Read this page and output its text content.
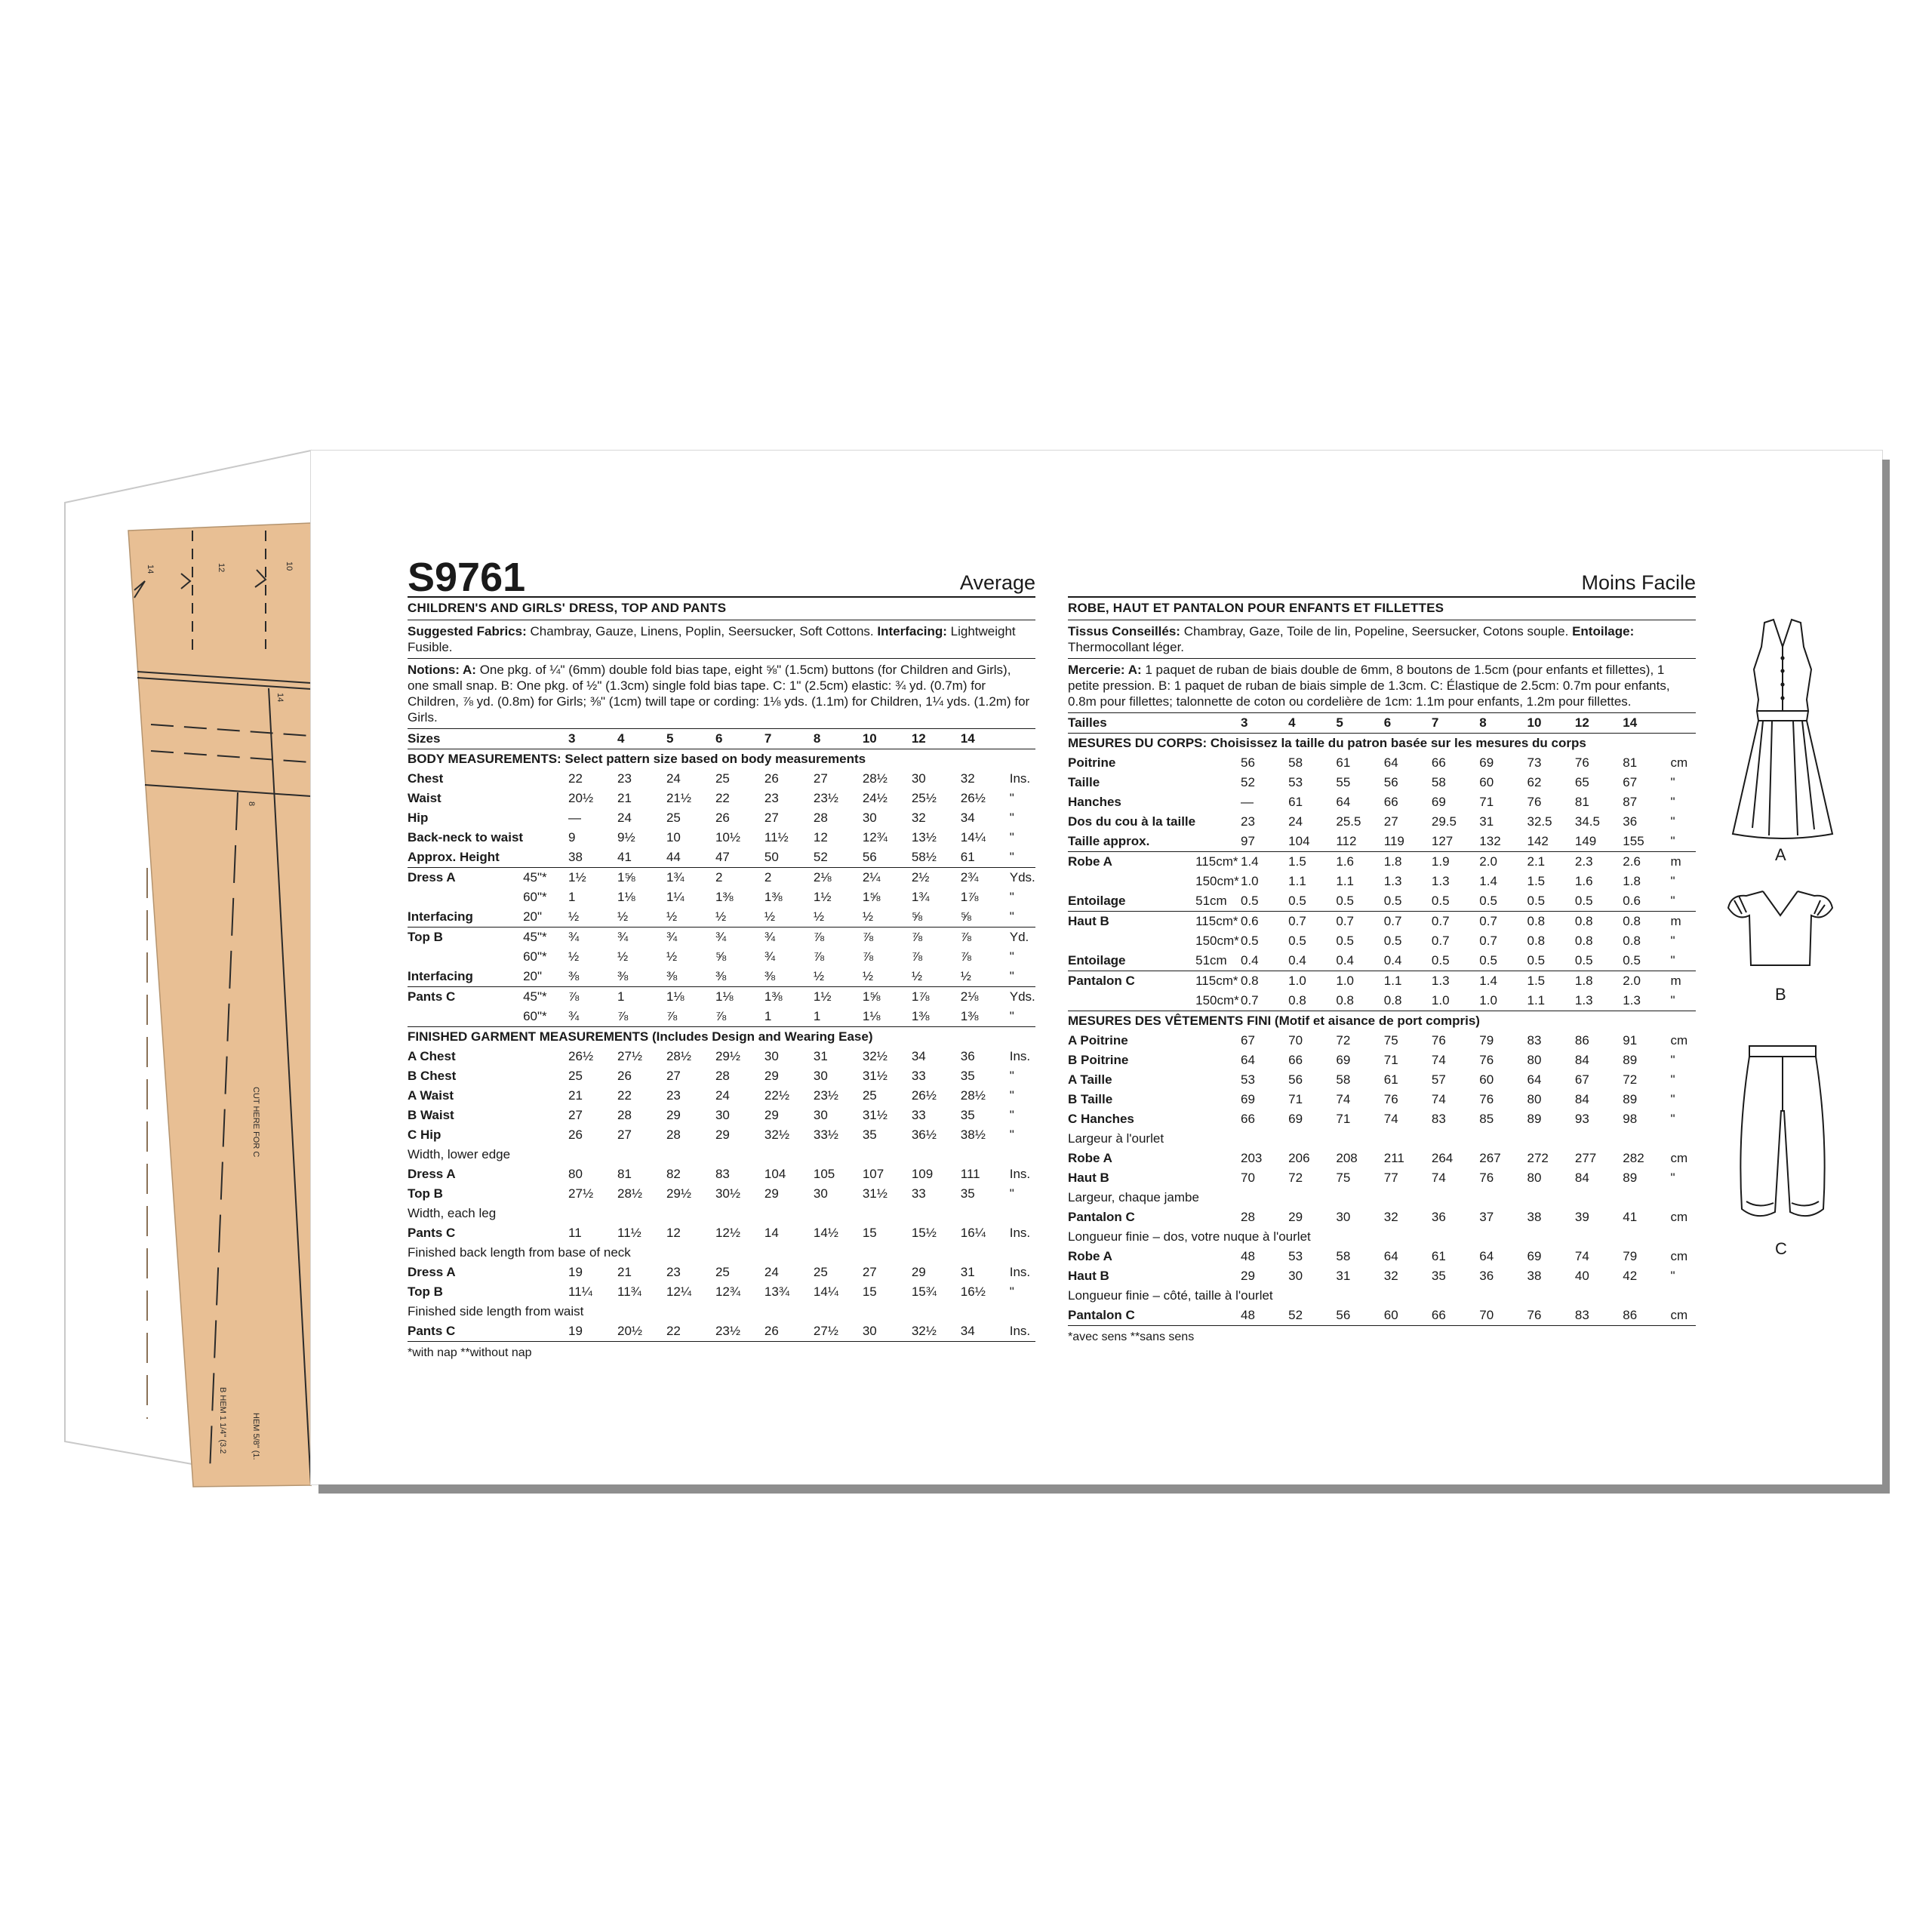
14	12	10
14
8
CUT HERE FOR C
B HEM 1 1/4" (3.2	HEM 5/8" (1.
S9761	Average
CHILDREN'S AND GIRLS' DRESS, TOP AND PANTS
Suggested Fabrics: Chambray, Gauze, Linens, Poplin, Seersucker, Soft Cottons. Interfacing: Lightweight Fusible.
Notions: A: One pkg. of ¼" (6mm) double fold bias tape, eight ⅝" (1.5cm) buttons (for Children and Girls), one small snap. B: One pkg. of ½" (1.3cm) single fold bias tape. C: 1" (2.5cm) elastic: ¾ yd. (0.7m) for Children, ⅞ yd. (0.8m) for Girls; ⅜" (1cm) twill tape or cording: 1⅛ yds. (1.1m) for Children, 1¼ yds. (1.2m) for Girls.
Sizes		3	4	5	6	7	8	10	12	14	
BODY MEASUREMENTS: Select pattern size based on body measurements											
Chest		22	23	24	25	26	27	28½	30	32	Ins.
Waist		20½	21	21½	22	23	23½	24½	25½	26½	"
Hip		—	24	25	26	27	28	30	32	34	"
Back-neck to waist		9	9½	10	10½	11½	12	12¾	13½	14¼	"
Approx. Height		38	41	44	47	50	52	56	58½	61	"
Dress A	45"*	1½	1⅝	1¾	2	2	2⅛	2¼	2½	2¾	Yds.
	60"*	1	1⅛	1¼	1⅜	1⅜	1½	1⅝	1¾	1⅞	"
Interfacing	20"	½	½	½	½	½	½	½	⅝	⅝	"
Top B	45"*	¾	¾	¾	¾	¾	⅞	⅞	⅞	⅞	Yd.
	60"*	½	½	½	⅝	¾	⅞	⅞	⅞	⅞	"
Interfacing	20"	⅜	⅜	⅜	⅜	⅜	½	½	½	½	"
Pants C	45"*	⅞	1	1⅛	1⅛	1⅜	1½	1⅝	1⅞	2⅛	Yds.
	60"*	¾	⅞	⅞	⅞	1	1	1⅛	1⅜	1⅜	"
FINISHED GARMENT MEASUREMENTS (Includes Design and Wearing Ease)											
A Chest		26½	27½	28½	29½	30	31	32½	34	36	Ins.
B Chest		25	26	27	28	29	30	31½	33	35	"
A Waist		21	22	23	24	22½	23½	25	26½	28½	"
B Waist		27	28	29	30	29	30	31½	33	35	"
C Hip		26	27	28	29	32½	33½	35	36½	38½	"
Width, lower edge											
Dress A		80	81	82	83	104	105	107	109	111	Ins.
Top B		27½	28½	29½	30½	29	30	31½	33	35	"
Width, each leg											
Pants C		11	11½	12	12½	14	14½	15	15½	16¼	Ins.
Finished back length from base of neck											
Dress A		19	21	23	25	24	25	27	29	31	Ins.
Top B		11¼	11¾	12¼	12¾	13¾	14¼	15	15¾	16½	"
Finished side length from waist											
Pants C		19	20½	22	23½	26	27½	30	32½	34	Ins.
*with nap **without nap
Moins Facile
ROBE, HAUT ET PANTALON POUR ENFANTS ET FILLETTES
Tissus Conseillés: Chambray, Gaze, Toile de lin, Popeline, Seersucker, Cotons souple. Entoilage: Thermocollant léger.
Mercerie: A: 1 paquet de ruban de biais double de 6mm, 8 boutons de 1.5cm (pour enfants et fillettes), 1 petite pression. B: 1 paquet de ruban de biais simple de 1.3cm. C: Élastique de 2.5cm: 0.7m pour enfants, 0.8m pour fillettes; talonnette de coton ou cordelière de 1cm: 1.1m pour enfants, 1.2m pour fillettes.
Tailles		3	4	5	6	7	8	10	12	14	
MESURES DU CORPS: Choisissez la taille du patron basée sur les mesures du corps											
Poitrine		56	58	61	64	66	69	73	76	81	cm
Taille		52	53	55	56	58	60	62	65	67	"
Hanches		—	61	64	66	69	71	76	81	87	"
Dos du cou à la taille		23	24	25.5	27	29.5	31	32.5	34.5	36	"
Taille approx.		97	104	112	119	127	132	142	149	155	"
Robe A	115cm*	1.4	1.5	1.6	1.8	1.9	2.0	2.1	2.3	2.6	m
	150cm*	1.0	1.1	1.1	1.3	1.3	1.4	1.5	1.6	1.8	"
Entoilage	51cm	0.5	0.5	0.5	0.5	0.5	0.5	0.5	0.5	0.6	"
Haut B	115cm*	0.6	0.7	0.7	0.7	0.7	0.7	0.8	0.8	0.8	m
	150cm*	0.5	0.5	0.5	0.5	0.7	0.7	0.8	0.8	0.8	"
Entoilage	51cm	0.4	0.4	0.4	0.4	0.5	0.5	0.5	0.5	0.5	"
Pantalon C	115cm*	0.8	1.0	1.0	1.1	1.3	1.4	1.5	1.8	2.0	m
	150cm*	0.7	0.8	0.8	0.8	1.0	1.0	1.1	1.3	1.3	"
MESURES DES VÊTEMENTS FINI (Motif et aisance de port compris)											
A Poitrine		67	70	72	75	76	79	83	86	91	cm
B Poitrine		64	66	69	71	74	76	80	84	89	"
A Taille		53	56	58	61	57	60	64	67	72	"
B Taille		69	71	74	76	74	76	80	84	89	"
C Hanches		66	69	71	74	83	85	89	93	98	"
Largeur à l'ourlet											
Robe A		203	206	208	211	264	267	272	277	282	cm
Haut B		70	72	75	77	74	76	80	84	89	"
Largeur, chaque jambe											
Pantalon C		28	29	30	32	36	37	38	39	41	cm
Longueur finie – dos, votre nuque à l'ourlet											
Robe A		48	53	58	64	61	64	69	74	79	cm
Haut B		29	30	31	32	35	36	38	40	42	"
Longueur finie – côté, taille à l'ourlet											
Pantalon C		48	52	56	60	66	70	76	83	86	cm
*avec sens **sans sens
A
B
C
